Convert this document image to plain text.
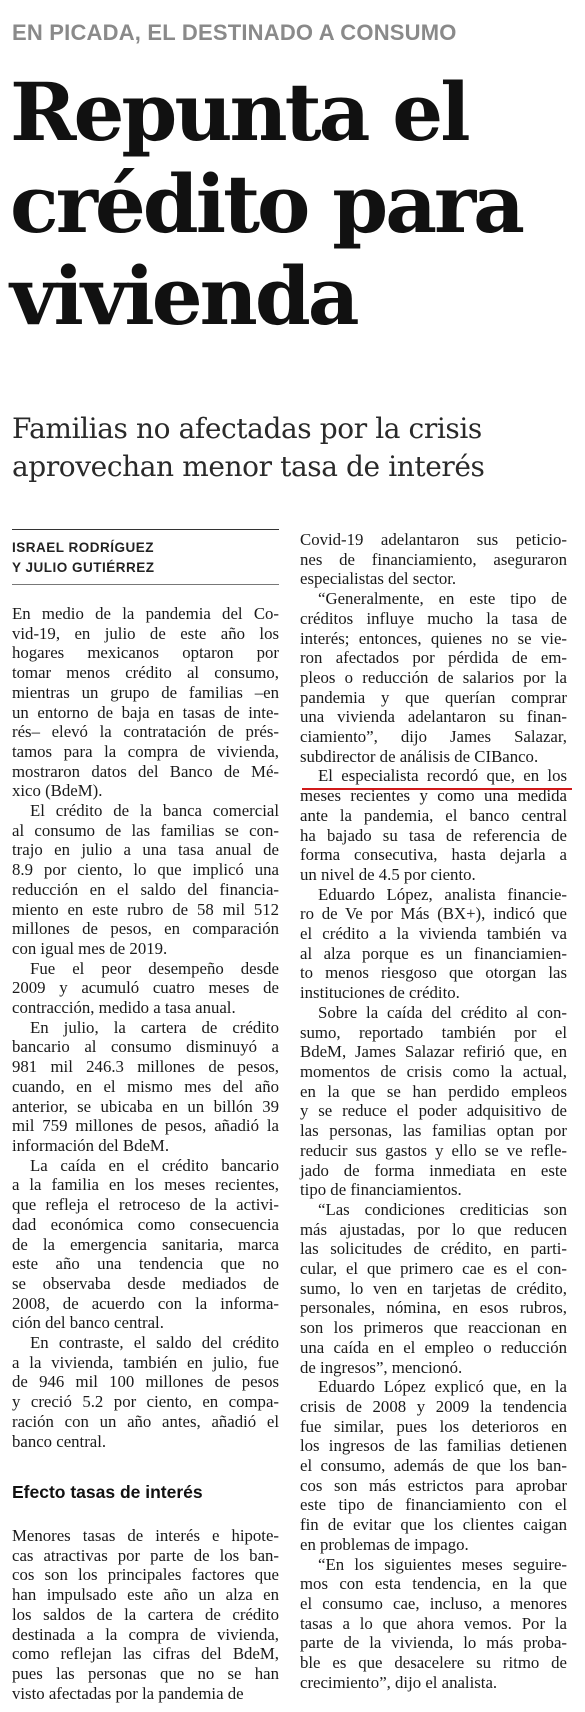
EN PICADA, EL DESTINADO A CONSUMO
Repunta el
crédito para
vivienda
Familias no afectadas por la crisis
aprovechan menor tasa de interés
ISRAEL RODRÍGUEZ
Y JULIO GUTIÉRREZ
En medio de la pandemia del Co-
vid-19, en julio de este año los
hogares mexicanos optaron por
tomar menos crédito al consumo,
mientras un grupo de familias –en
un entorno de baja en tasas de inte-
rés– elevó la contratación de prés-
tamos para la compra de vivienda,
mostraron datos del Banco de Mé-
xico (BdeM).
El crédito de la banca comercial
al consumo de las familias se con-
trajo en julio a una tasa anual de
8.9 por ciento, lo que implicó una
reducción en el saldo del financia-
miento en este rubro de 58 mil 512
millones de pesos, en comparación
con igual mes de 2019.
Fue el peor desempeño desde
2009 y acumuló cuatro meses de
contracción, medido a tasa anual.
En julio, la cartera de crédito
bancario al consumo disminuyó a
981 mil 246.3 millones de pesos,
cuando, en el mismo mes del año
anterior, se ubicaba en un billón 39
mil 759 millones de pesos, añadió la
información del BdeM.
La caída en el crédito bancario
a la familia en los meses recientes,
que refleja el retroceso de la activi-
dad económica como consecuencia
de la emergencia sanitaria, marca
este año una tendencia que no
se observaba desde mediados de
2008, de acuerdo con la informa-
ción del banco central.
En contraste, el saldo del crédito
a la vivienda, también en julio, fue
de 946 mil 100 millones de pesos
y creció 5.2 por ciento, en compa-
ración con un año antes, añadió el
banco central.
Efecto tasas de interés
Menores tasas de interés e hipote-
cas atractivas por parte de los ban-
cos son los principales factores que
han impulsado este año un alza en
los saldos de la cartera de crédito
destinada a la compra de vivienda,
como reflejan las cifras del BdeM,
pues las personas que no se han
visto afectadas por la pandemia de
Covid-19 adelantaron sus peticio-
nes de financiamiento, aseguraron
especialistas del sector.
“Generalmente, en este tipo de
créditos influye mucho la tasa de
interés; entonces, quienes no se vie-
ron afectados por pérdida de em-
pleos o reducción de salarios por la
pandemia y que querían comprar
una vivienda adelantaron su finan-
ciamiento”, dijo James Salazar,
subdirector de análisis de CIBanco.
El especialista recordó que, en los
meses recientes y como una medida
ante la pandemia, el banco central
ha bajado su tasa de referencia de
forma consecutiva, hasta dejarla a
un nivel de 4.5 por ciento.
Eduardo López, analista financie-
ro de Ve por Más (BX+), indicó que
el crédito a la vivienda también va
al alza porque es un financiamien-
to menos riesgoso que otorgan las
instituciones de crédito.
Sobre la caída del crédito al con-
sumo, reportado también por el
BdeM, James Salazar refirió que, en
momentos de crisis como la actual,
en la que se han perdido empleos
y se reduce el poder adquisitivo de
las personas, las familias optan por
reducir sus gastos y ello se ve refle-
jado de forma inmediata en este
tipo de financiamientos.
“Las condiciones crediticias son
más ajustadas, por lo que reducen
las solicitudes de crédito, en parti-
cular, el que primero cae es el con-
sumo, lo ven en tarjetas de crédito,
personales, nómina, en esos rubros,
son los primeros que reaccionan en
una caída en el empleo o reducción
de ingresos”, mencionó.
Eduardo López explicó que, en la
crisis de 2008 y 2009 la tendencia
fue similar, pues los deterioros en
los ingresos de las familias detienen
el consumo, además de que los ban-
cos son más estrictos para aprobar
este tipo de financiamiento con el
fin de evitar que los clientes caigan
en problemas de impago.
“En los siguientes meses seguire-
mos con esta tendencia, en la que
el consumo cae, incluso, a menores
tasas a lo que ahora vemos. Por la
parte de la vivienda, lo más proba-
ble es que desacelere su ritmo de
crecimiento”, dijo el analista.
